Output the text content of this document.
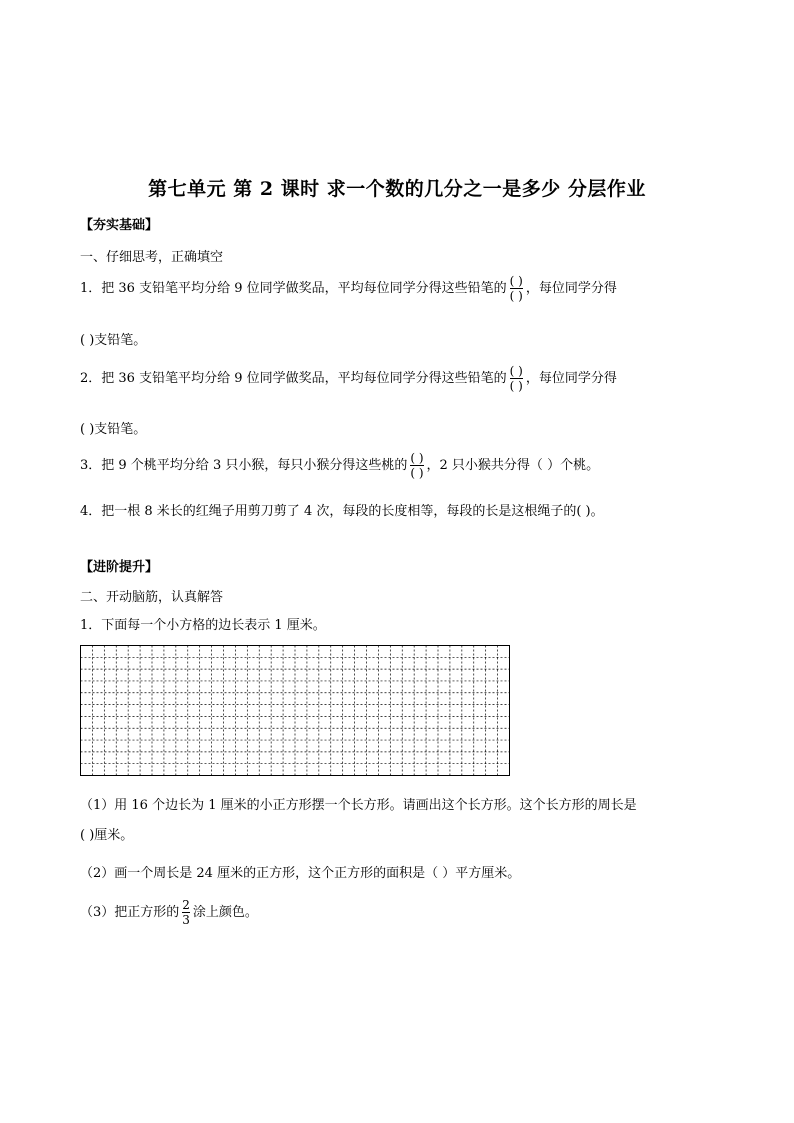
第七单元 第 2 课时 求一个数的几分之一是多少 分层作业
【夯实基础】
一、仔细思考，正确填空
1．把 36 支铅笔平均分给 9 位同学做奖品，平均每位同学分得这些铅笔的 $\frac{( )}{( )}$ ，每位同学分得
( )支铅笔。
2．把 36 支铅笔平均分给 9 位同学做奖品，平均每位同学分得这些铅笔的 $\frac{( )}{( )}$ ，每位同学分得
( )支铅笔。
3．把 9 个桃平均分给 3 只小猴，每只小猴分得这些桃的 $\frac{( )}{( )}$ ，2 只小猴共分得（ ）个桃。
4．把一根 8 米长的红绳子用剪刀剪了 4 次，每段的长度相等，每段的长是这根绳子的( )。
【进阶提升】
二、开动脑筋，认真解答
1．下面每一个小方格的边长表示 1 厘米。
（1）用 16 个边长为 1 厘米的小正方形摆一个长方形。请画出这个长方形。这个长方形的周长是
( )厘米。
（2）画一个周长是 24 厘米的正方形，这个正方形的面积是（ ）平方厘米。
（3）把正方形的 $\frac{2}{3}$ 涂上颜色。
